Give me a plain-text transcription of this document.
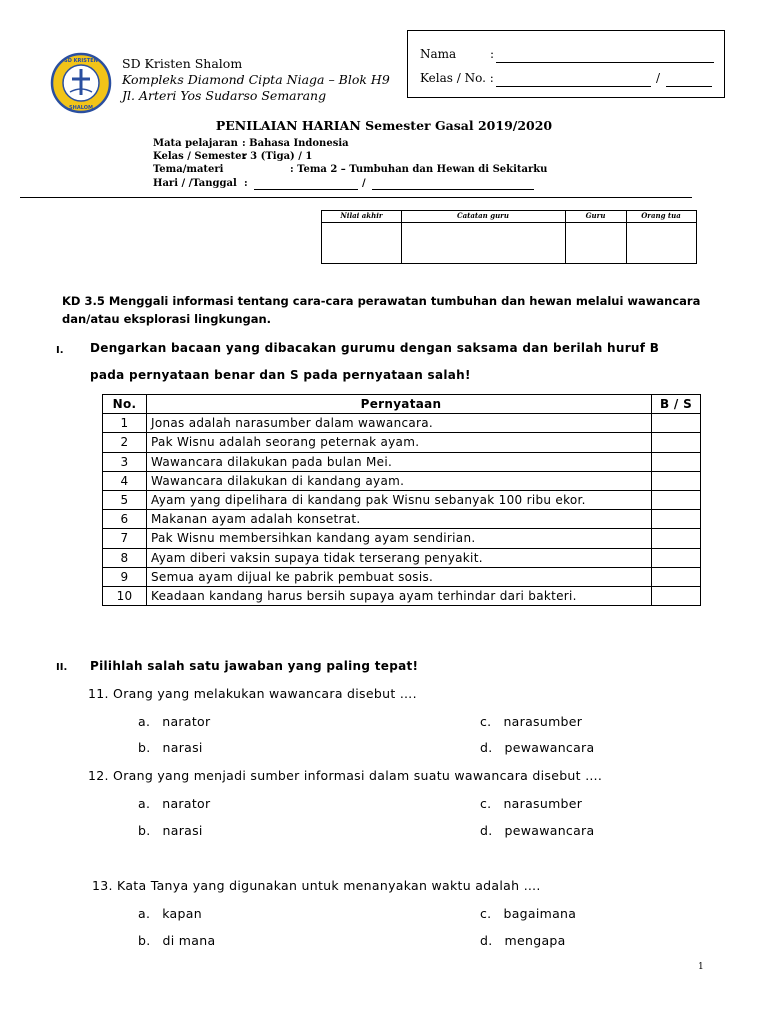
SD KRISTEN
SHALOM
SD Kristen Shalom
Kompleks Diamond Cipta Niaga – Blok H9
Jl. Arteri Yos Sudarso Semarang
Nama	:
Kelas / No. :	/
PENILAIAN HARIAN Semester Gasal 2019/2020
Mata pelajaran : Bahasa Indonesia
Kelas / Semester
: 3 (Tiga) / 1
Tema/materi	: Tema 2 – Tumbuhan dan Hewan di Sekitarku
Hari / /Tanggal :	/
Nilai akhir	Catatan guru	Guru	Orang tua
KD 3.5 Menggali informasi tentang cara-cara perawatan tumbuhan dan hewan melalui wawancara dan/atau eksplorasi lingkungan.
I. Dengarkan bacaan yang dibacakan gurumu dengan saksama dan berilah huruf B
pada pernyataan benar dan S pada pernyataan salah!
No.	Pernyataan	B / S
1	Jonas adalah narasumber dalam wawancara.	
2	Pak Wisnu adalah seorang peternak ayam.	
3	Wawancara dilakukan pada bulan Mei.	
4	Wawancara dilakukan di kandang ayam.	
5	Ayam yang dipelihara di kandang pak Wisnu sebanyak 100 ribu ekor.	
6	Makanan ayam adalah konsetrat.	
7	Pak Wisnu membersihkan kandang ayam sendirian.	
8	Ayam diberi vaksin supaya tidak terserang penyakit.	
9	Semua ayam dijual ke pabrik pembuat sosis.	
10	Keadaan kandang harus bersih supaya ayam terhindar dari bakteri.	
II. Pilihlah salah satu jawaban yang paling tepat!
11. Orang yang melakukan wawancara disebut ….
a. narator
b. narasi
c. narasumber
d. pewawancara
12. Orang yang menjadi sumber informasi dalam suatu wawancara disebut ….
a. narator
b. narasi
c. narasumber
d. pewawancara
13. Kata Tanya yang digunakan untuk menanyakan waktu adalah ….
a. kapan
b. di mana
c. bagaimana
d. mengapa
1
